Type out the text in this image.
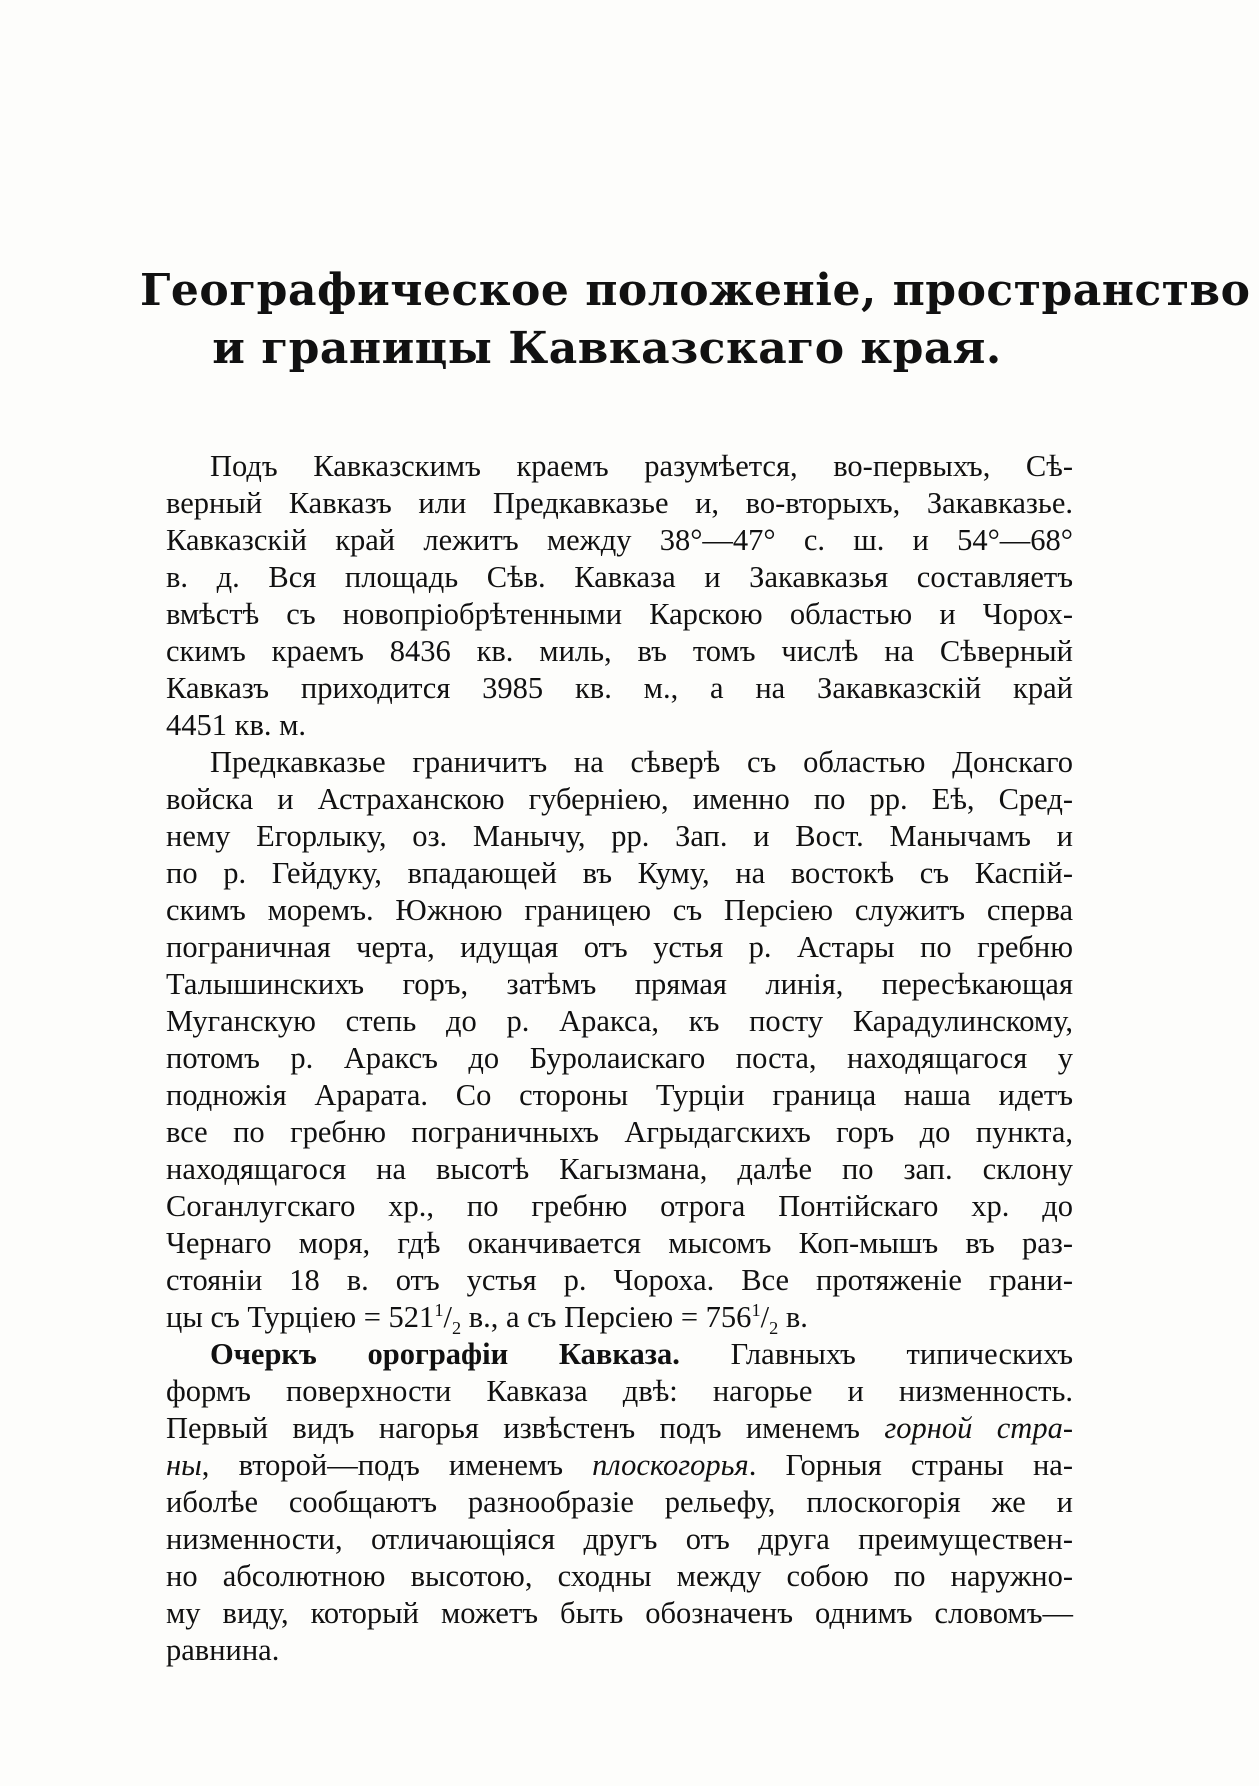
Географическое положеніе, пространство
и границы Кавказскаго края.

Подъ Кавказскимъ краемъ разумѣется, во-первыхъ, Сѣ-
верный Кавказъ или Предкавказье и, во-вторыхъ, Закавказье.
Кавказскій край лежитъ между 38°—47° с. ш. и 54°—68°
в. д. Вся площадь Сѣв. Кавказа и Закавказья составляетъ
вмѣстѣ съ новопріобрѣтенными Карскою областью и Чорох-
скимъ краемъ 8436 кв. миль, въ томъ числѣ на Сѣверный
Кавказъ приходится 3985 кв. м., а на Закавказскій край
4451 кв. м.

Предкавказье граничитъ на сѣверѣ съ областью Донскаго
войска и Астраханскою губерніею, именно по рр. Еѣ, Сред-
нему Егорлыку, оз. Манычу, рр. Зап. и Вост. Манычамъ и
по р. Гейдуку, впадающей въ Куму, на востокѣ съ Каспій-
скимъ моремъ. Южною границею съ Персіею служитъ сперва
пограничная черта, идущая отъ устья р. Астары по гребню
Талышинскихъ горъ, затѣмъ прямая линія, пересѣкающая
Муганскую степь до р. Аракса, къ посту Карадулинскому,
потомъ р. Араксъ до Буролаиcкаго поста, находящагося у
подножія Арарата. Со стороны Турціи граница наша идетъ
все по гребню пограничныхъ Агрыдагскихъ горъ до пункта,
находящагося на высотѣ Кагызмана, далѣе по зап. склону
Соганлугскаго хр., по гребню отрога Понтійскаго хр. до
Чернаго моря, гдѣ оканчивается мысомъ Коп-мышъ въ раз-
стояніи 18 в. отъ устья р. Чороха. Все протяженіе грани-
цы съ Турціею = $521^1/_2$ в., а съ Персіею = $756^1/_2$ в.

Очеркъ орографіи Кавказа. Главныхъ типическихъ
формъ поверхности Кавказа двѣ: нагорье и низменность.
Первый видъ нагорья извѣстенъ подъ именемъ горной стра-
ны, второй—подъ именемъ плоскогорья. Горныя страны на-
иболѣе сообщаютъ разнообразіе рельефу, плоскогорія же и
низменности, отличающіяся другъ отъ друга преимуществен-
но абсолютною высотою, сходны между собою по наружно-
му виду, который можетъ быть обозначенъ однимъ словомъ—
равнина.
